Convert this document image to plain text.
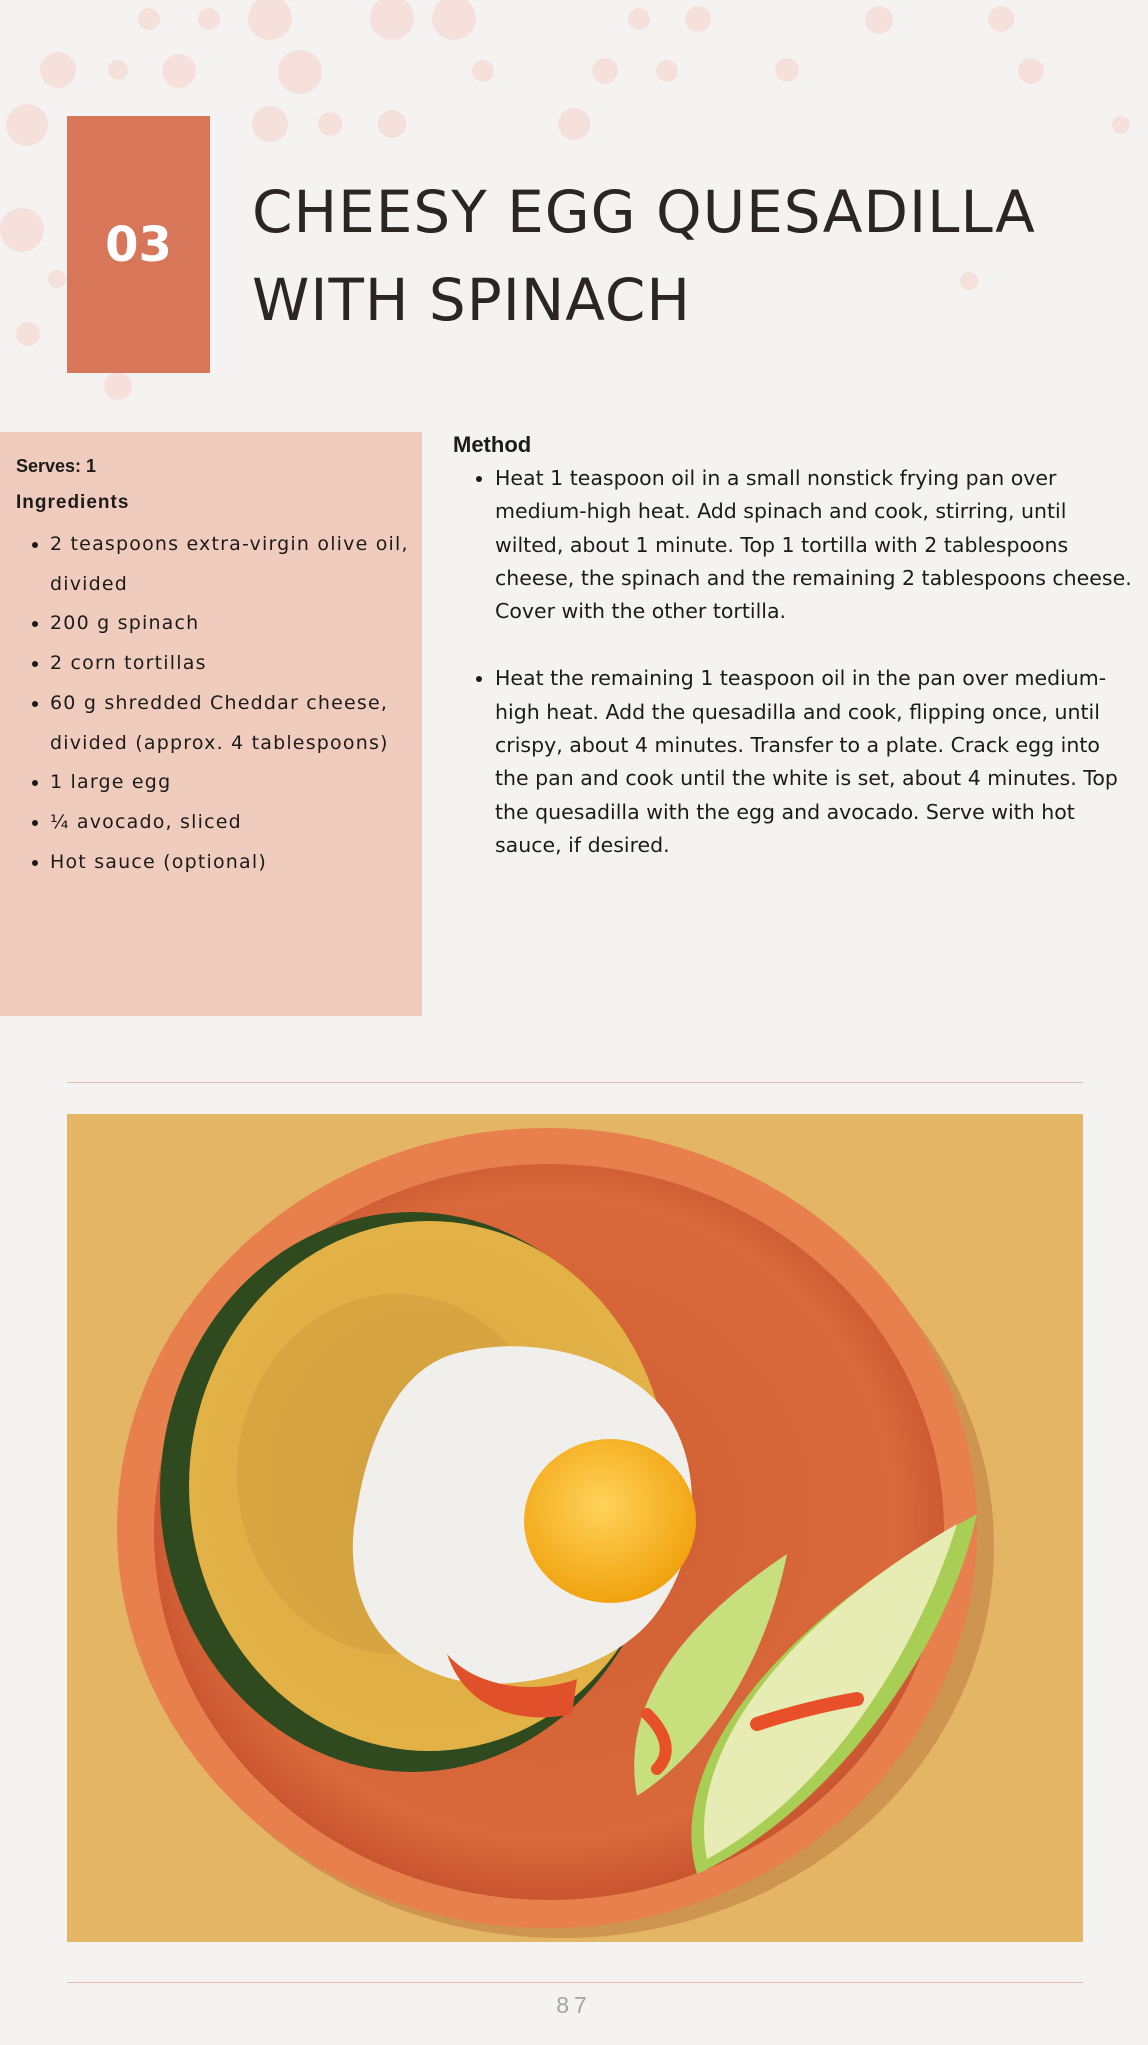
03 CHEESY EGG QUESADILLA WITH SPINACH

Serves: 1

Ingredients

• 2 teaspoons extra-virgin olive oil, divided
• 200 g spinach
• 2 corn tortillas
• 60 g shredded Cheddar cheese, divided (approx. 4 tablespoons)
• 1 large egg
• ¼ avocado, sliced
• Hot sauce (optional)

Method

• Heat 1 teaspoon oil in a small nonstick frying pan over medium-high heat. Add spinach and cook, stirring, until wilted, about 1 minute. Top 1 tortilla with 2 tablespoons cheese, the spinach and the remaining 2 tablespoons cheese. Cover with the other tortilla.
• Heat the remaining 1 teaspoon oil in the pan over medium-high heat. Add the quesadilla and cook, flipping once, until crispy, about 4 minutes. Transfer to a plate. Crack egg into the pan and cook until the white is set, about 4 minutes. Top the quesadilla with the egg and avocado. Serve with hot sauce, if desired.
87
